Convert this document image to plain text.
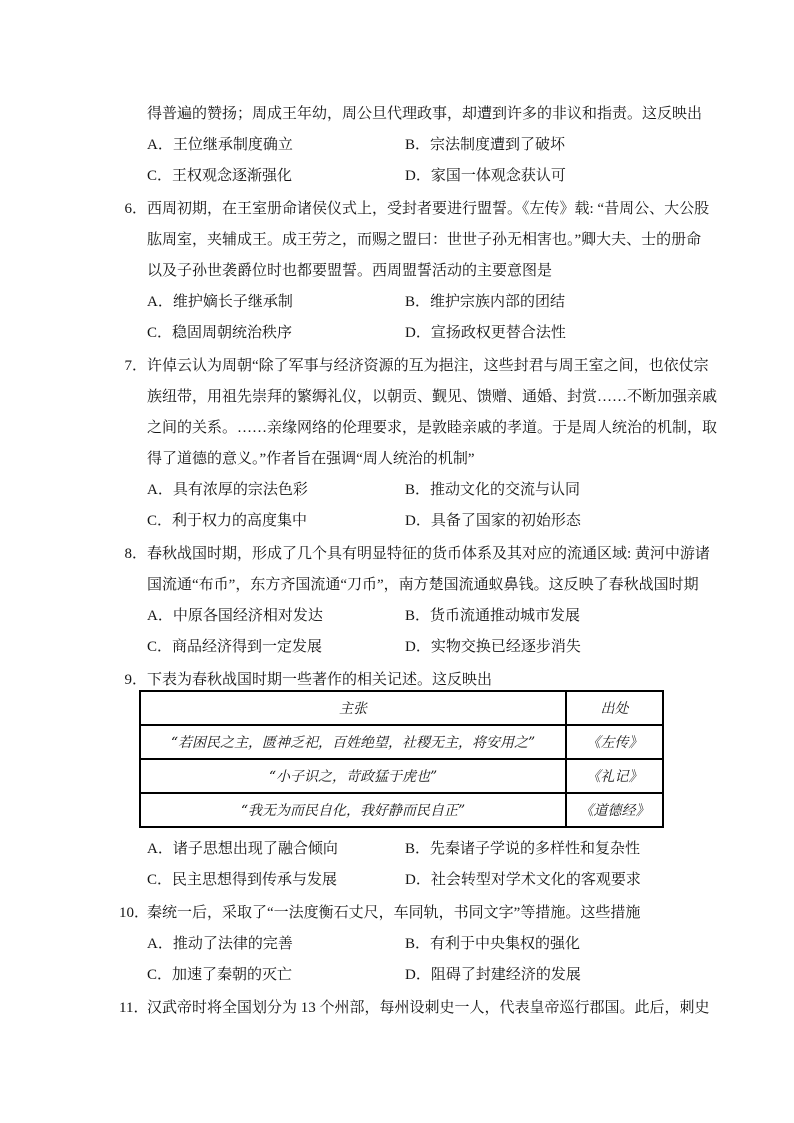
得普遍的赞扬；周成王年幼，周公旦代理政事，却遭到许多的非议和指责。这反映出
A．王位继承制度确立	B．宗法制度遭到了破坏
C．王权观念逐渐强化	D．家国一体观念获认可
6．西周初期，在王室册命诸侯仪式上，受封者要进行盟誓。《左传》载: “昔周公、大公股
肱周室，夹辅成王。成王劳之，而赐之盟曰：世世子孙无相害也。”卿大夫、士的册命
以及子孙世袭爵位时也都要盟誓。西周盟誓活动的主要意图是
A．维护嫡长子继承制	B．维护宗族内部的团结
C．稳固周朝统治秩序	D．宣扬政权更替合法性
7．许倬云认为周朝“除了军事与经济资源的互为挹注，这些封君与周王室之间，也依仗宗
族纽带，用祖先崇拜的繁缛礼仪，以朝贡、觐见、馈赠、通婚、封赏……不断加强亲戚
之间的关系。……亲缘网络的伦理要求，是敦睦亲戚的孝道。于是周人统治的机制，取
得了道德的意义。”作者旨在强调“周人统治的机制”
A．具有浓厚的宗法色彩	B．推动文化的交流与认同
C．利于权力的高度集中	D．具备了国家的初始形态
8．春秋战国时期，形成了几个具有明显特征的货币体系及其对应的流通区域: 黄河中游诸
国流通“布币”，东方齐国流通“刀币”，南方楚国流通蚁鼻钱。这反映了春秋战国时期
A．中原各国经济相对发达	B．货币流通推动城市发展
C．商品经济得到一定发展	D．实物交换已经逐步消失
9．下表为春秋战国时期一些著作的相关记述。这反映出
主张	出处
“若困民之主，匮神乏祀，百姓绝望，社稷无主，将安用之”	《左传》
“小子识之，苛政猛于虎也”	《礼记》
“我无为而民自化，我好静而民自正”	《道德经》
A．诸子思想出现了融合倾向	B．先秦诸子学说的多样性和复杂性
C．民主思想得到传承与发展	D．社会转型对学术文化的客观要求
10．秦统一后，采取了“一法度衡石丈尺，车同轨，书同文字”等措施。这些措施
A．推动了法律的完善	B．有利于中央集权的强化
C．加速了秦朝的灭亡	D．阻碍了封建经济的发展
11．汉武帝时将全国划分为 13 个州部，每州设刺史一人，代表皇帝巡行郡国。此后，刺史
